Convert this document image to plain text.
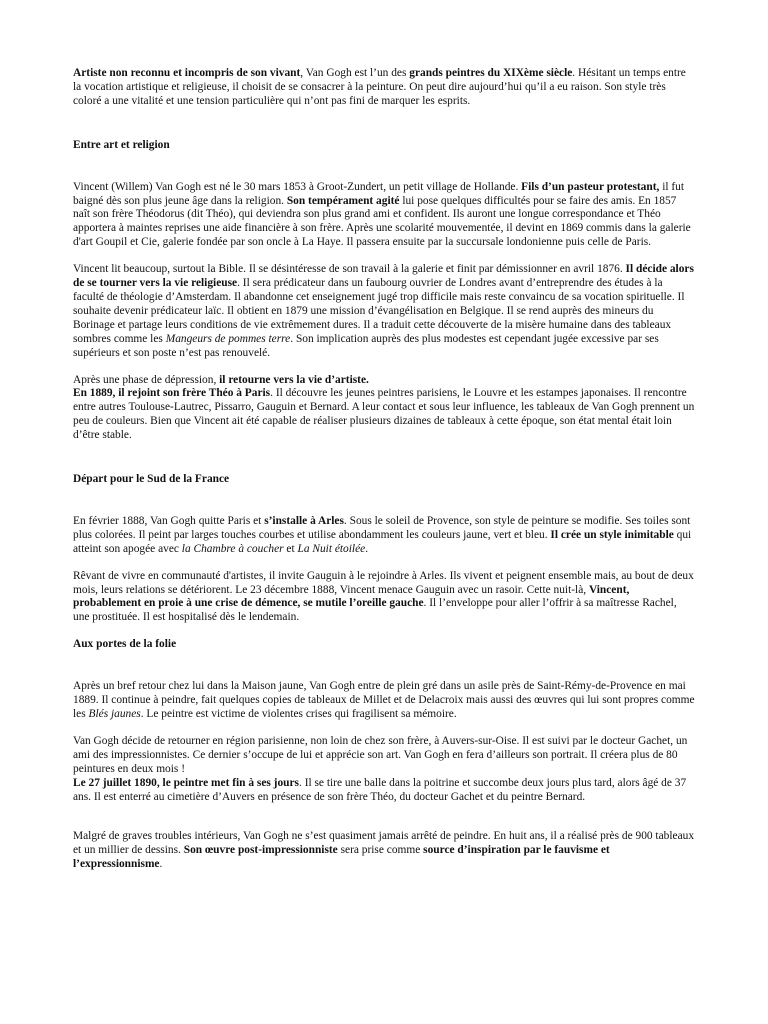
Artiste non reconnu et incompris de son vivant, Van Gogh est l’un des grands peintres du XIXème siècle. Hésitant un temps entre la vocation artistique et religieuse, il choisit de se consacrer à la peinture. On peut dire aujourd’hui qu’il a eu raison. Son style très coloré a une vitalité et une tension particulière qui n’ont pas fini de marquer les esprits.

Entre art et religion

Vincent (Willem) Van Gogh est né le 30 mars 1853 à Groot-Zundert, un petit village de Hollande. Fils d’un pasteur protestant, il fut baigné dès son plus jeune âge dans la religion. Son tempérament agité lui pose quelques difficultés pour se faire des amis. En 1857 naît son frère Théodorus (dit Théo), qui deviendra son plus grand ami et confident. Ils auront une longue correspondance et Théo apportera à maintes reprises une aide financière à son frère. Après une scolarité mouvementée, il devint en 1869 commis dans la galerie d'art Goupil et Cie, galerie fondée par son oncle à La Haye. Il passera ensuite par la succursale londonienne puis celle de Paris.

Vincent lit beaucoup, surtout la Bible. Il se désintéresse de son travail à la galerie et finit par démissionner en avril 1876. Il décide alors de se tourner vers la vie religieuse. Il sera prédicateur dans un faubourg ouvrier de Londres avant d’entreprendre des études à la faculté de théologie d’Amsterdam. Il abandonne cet enseignement jugé trop difficile mais reste convaincu de sa vocation spirituelle. Il souhaite devenir prédicateur laïc. Il obtient en 1879 une mission d’évangélisation en Belgique. Il se rend auprès des mineurs du Borinage et partage leurs conditions de vie extrêmement dures. Il a traduit cette découverte de la misère humaine dans des tableaux sombres comme les Mangeurs de pommes terre. Son implication auprès des plus modestes est cependant jugée excessive par ses supérieurs et son poste n’est pas renouvelé.

Après une phase de dépression, il retourne vers la vie d’artiste.
En 1889, il rejoint son frère Théo à Paris. Il découvre les jeunes peintres parisiens, le Louvre et les estampes japonaises. Il rencontre entre autres Toulouse-Lautrec, Pissarro, Gauguin et Bernard. A leur contact et sous leur influence, les tableaux de Van Gogh prennent un peu de couleurs. Bien que Vincent ait été capable de réaliser plusieurs dizaines de tableaux à cette époque, son état mental était loin d’être stable.

Départ pour le Sud de la France

En février 1888, Van Gogh quitte Paris et s’installe à Arles. Sous le soleil de Provence, son style de peinture se modifie. Ses toiles sont plus colorées. Il peint par larges touches courbes et utilise abondamment les couleurs jaune, vert et bleu. Il crée un style inimitable qui atteint son apogée avec la Chambre à coucher et La Nuit étoilée.

Rêvant de vivre en communauté d'artistes, il invite Gauguin à le rejoindre à Arles. Ils vivent et peignent ensemble mais, au bout de deux mois, leurs relations se détériorent. Le 23 décembre 1888, Vincent menace Gauguin avec un rasoir. Cette nuit-là, Vincent, probablement en proie à une crise de démence, se mutile l’oreille gauche. Il l’enveloppe pour aller l’offrir à sa maîtresse Rachel, une prostituée. Il est hospitalisé dès le lendemain.

Aux portes de la folie

Après un bref retour chez lui dans la Maison jaune, Van Gogh entre de plein gré dans un asile près de Saint-Rémy-de-Provence en mai 1889. Il continue à peindre, fait quelques copies de tableaux de Millet et de Delacroix mais aussi des œuvres qui lui sont propres comme les Blés jaunes. Le peintre est victime de violentes crises qui fragilisent sa mémoire.

Van Gogh décide de retourner en région parisienne, non loin de chez son frère, à Auvers-sur-Oise. Il est suivi par le docteur Gachet, un ami des impressionnistes. Ce dernier s’occupe de lui et apprécie son art. Van Gogh en fera d’ailleurs son portrait. Il créera plus de 80 peintures en deux mois !
Le 27 juillet 1890, le peintre met fin à ses jours. Il se tire une balle dans la poitrine et succombe deux jours plus tard, alors âgé de 37 ans. Il est enterré au cimetière d’Auvers en présence de son frère Théo, du docteur Gachet et du peintre Bernard.

Malgré de graves troubles intérieurs, Van Gogh ne s’est quasiment jamais arrêté de peindre. En huit ans, il a réalisé près de 900 tableaux et un millier de dessins. Son œuvre post-impressionniste sera prise comme source d’inspiration par le fauvisme et l’expressionnisme.
